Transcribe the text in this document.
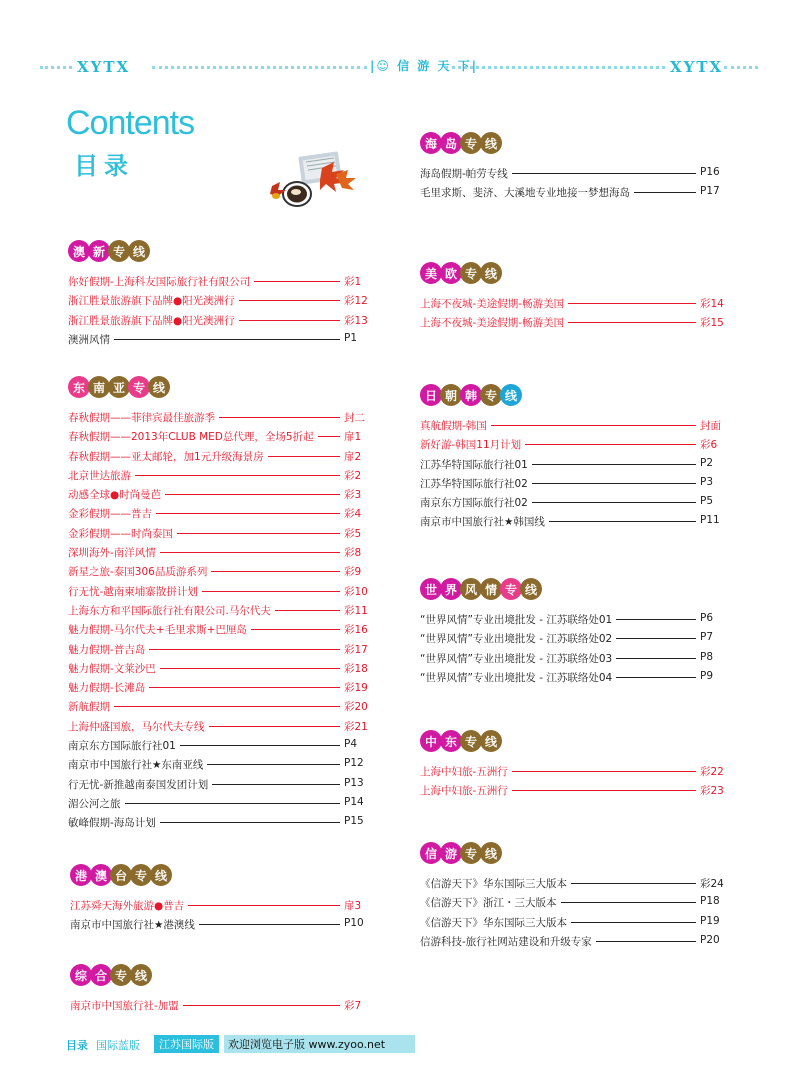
XYTX	|☺ 信 游 天 下|	XYTX
Contents
目录
澳 新 专 线
你好假期-上海科友国际旅行社有限公司	彩1
浙江胜景旅游旗下品牌●阳光澳洲行	彩12
浙江胜景旅游旗下品牌●阳光澳洲行	彩13
澳洲风情	P1
东 南 亚 专 线
春秋假期——菲律宾最佳旅游季	封二
春秋假期——2013年CLUB MED总代理，全场5折起	扉1
春秋假期——亚太邮轮，加1元升级海景房	扉2
北京世达旅游	彩2
动感全球●时尚曼芭	彩3
金彩假期——普吉	彩4
金彩假期——时尚泰国	彩5
深圳海外-南洋风情	彩8
新星之旅-泰国306品质游系列	彩9
行无忧-越南柬埔寨散拼计划	彩10
上海东方和平国际旅行社有限公司.马尔代夫	彩11
魅力假期-马尔代夫+毛里求斯+巴厘岛	彩16
魅力假期-普吉岛	彩17
魅力假期-文莱沙巴	彩18
魅力假期-长滩岛	彩19
新航假期	彩20
上海仲盛国旅，马尔代夫专线	彩21
南京东方国际旅行社01	P4
南京市中国旅行社★东南亚线	P12
行无忧-新推越南泰国发团计划	P13
湄公河之旅	P14
敏峰假期-海岛计划	P15
港 澳 台 专 线
江苏舜天海外旅游●普吉	扉3
南京市中国旅行社★港澳线	P10
综 合 专 线
南京市中国旅行社-加盟	彩7
海 岛 专 线
海岛假期-帕劳专线	P16
毛里求斯、斐济、大溪地专业地接一梦想海岛	P17
美 欧 专 线
上海不夜城-美途假期-畅游美国	彩14
上海不夜城-美途假期-畅游美国	彩15
日 朝 韩 专 线
真航假期-韩国	封面
新好游-韩国11月计划	彩6
江苏华特国际旅行社01	P2
江苏华特国际旅行社02	P3
南京东方国际旅行社02	P5
南京市中国旅行社★韩国线	P11
世 界 风 情 专 线
“世界风情”专业出境批发 - 江苏联络处01	P6
“世界风情”专业出境批发 - 江苏联络处02	P7
“世界风情”专业出境批发 - 江苏联络处03	P8
“世界风情”专业出境批发 - 江苏联络处04	P9
中 东 专 线
上海中妇旅-五洲行	彩22
上海中妇旅-五洲行	彩23
信 游 专 线
《信游天下》华东国际三大版本	彩24
《信游天下》浙江・三大版本	P18
《信游天下》华东国际三大版本	P19
信游科技-旅行社网站建设和升级专家	P20
目录 国际蓝版	江苏国际版	欢迎浏览电子版 www.zyoo.net
